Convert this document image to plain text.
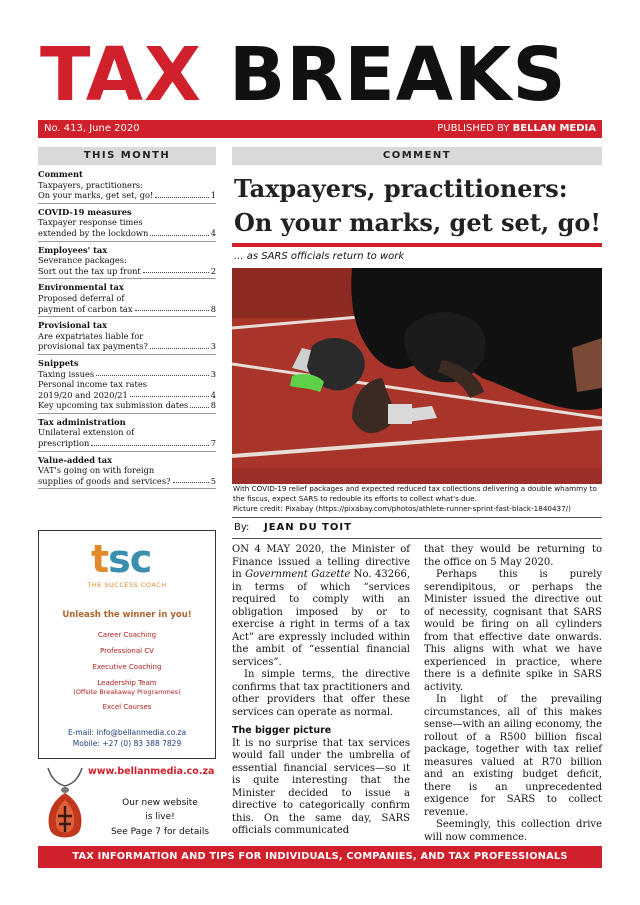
TAX BREAKS
No. 413, June 2020	PUBLISHED BY BELLAN MEDIA
THIS MONTH
Comment
Taxpayers, practitioners:
On your marks, get set, go!	1
COVID-19 measures
Taxpayer response times
extended by the lockdown	4
Employees' tax
Severance packages:
Sort out the tax up front	2
Environmental tax
Proposed deferral of
payment of carbon tax	8
Provisional tax
Are expatriates liable for
provisional tax payments?	3
Snippets
Taxing issues	3
Personal income tax rates
2019/20 and 2020/21	4
Key upcoming tax submission dates	8
Tax administration
Unilateral extension of
prescription	7
Value-added tax
VAT's going on with foreign
supplies of goods and services?	5
tsc
THE SUCCESS COACH
Unleash the winner in you!
Career Coaching
Professional CV
Executive Coaching
Leadership Team
(Offsite Breakaway Programmes)
Excel Courses
E-mail: info@bellanmedia.co.za
Mobile: +27 (0) 83 388 7829
www.bellanmedia.co.za
Our new website
is live!
See Page 7 for details
COMMENT
Taxpayers, practitioners:
On your marks, get set, go!
... as SARS officials return to work
With COVID-19 relief packages and expected reduced tax collections delivering a double whammy to the fiscus, expect SARS to redouble its efforts to collect what's due.
Picture credit: Pixabay (https://pixabay.com/photos/athlete-runner-sprint-fast-black-1840437/)
By: JEAN DU TOIT

ON 4 MAY 2020, the Minister of Finance issued a telling directive in Government Gazette No. 43266, in terms of which “services required to comply with an obligation imposed by or to exercise a right in terms of a tax Act” are expressly included within the ambit of “essential financial services”.

In simple terms, the directive confirms that tax practitioners and other providers that offer these services can operate as normal.

The bigger picture

It is no surprise that tax services would fall under the umbrella of essential financial services—so it is quite interesting that the Minister decided to issue a directive to categorically confirm this. On the same day, SARS officials communicated

that they would be returning to the office on 5 May 2020.

Perhaps this is purely serendipitous, or perhaps the Minister issued the directive out of necessity, cognisant that SARS would be firing on all cylinders from that effective date onwards. This aligns with what we have experienced in practice, where there is a definite spike in SARS activity.

In light of the prevailing circumstances, all of this makes sense—with an ailing economy, the rollout of a R500 billion fiscal package, together with tax relief measures valued at R70 billion and an existing budget deficit, there is an unprecedented exigence for SARS to collect revenue.

Seemingly, this collection drive will now commence.

TAX INFORMATION AND TIPS FOR INDIVIDUALS, COMPANIES, AND TAX PROFESSIONALS
